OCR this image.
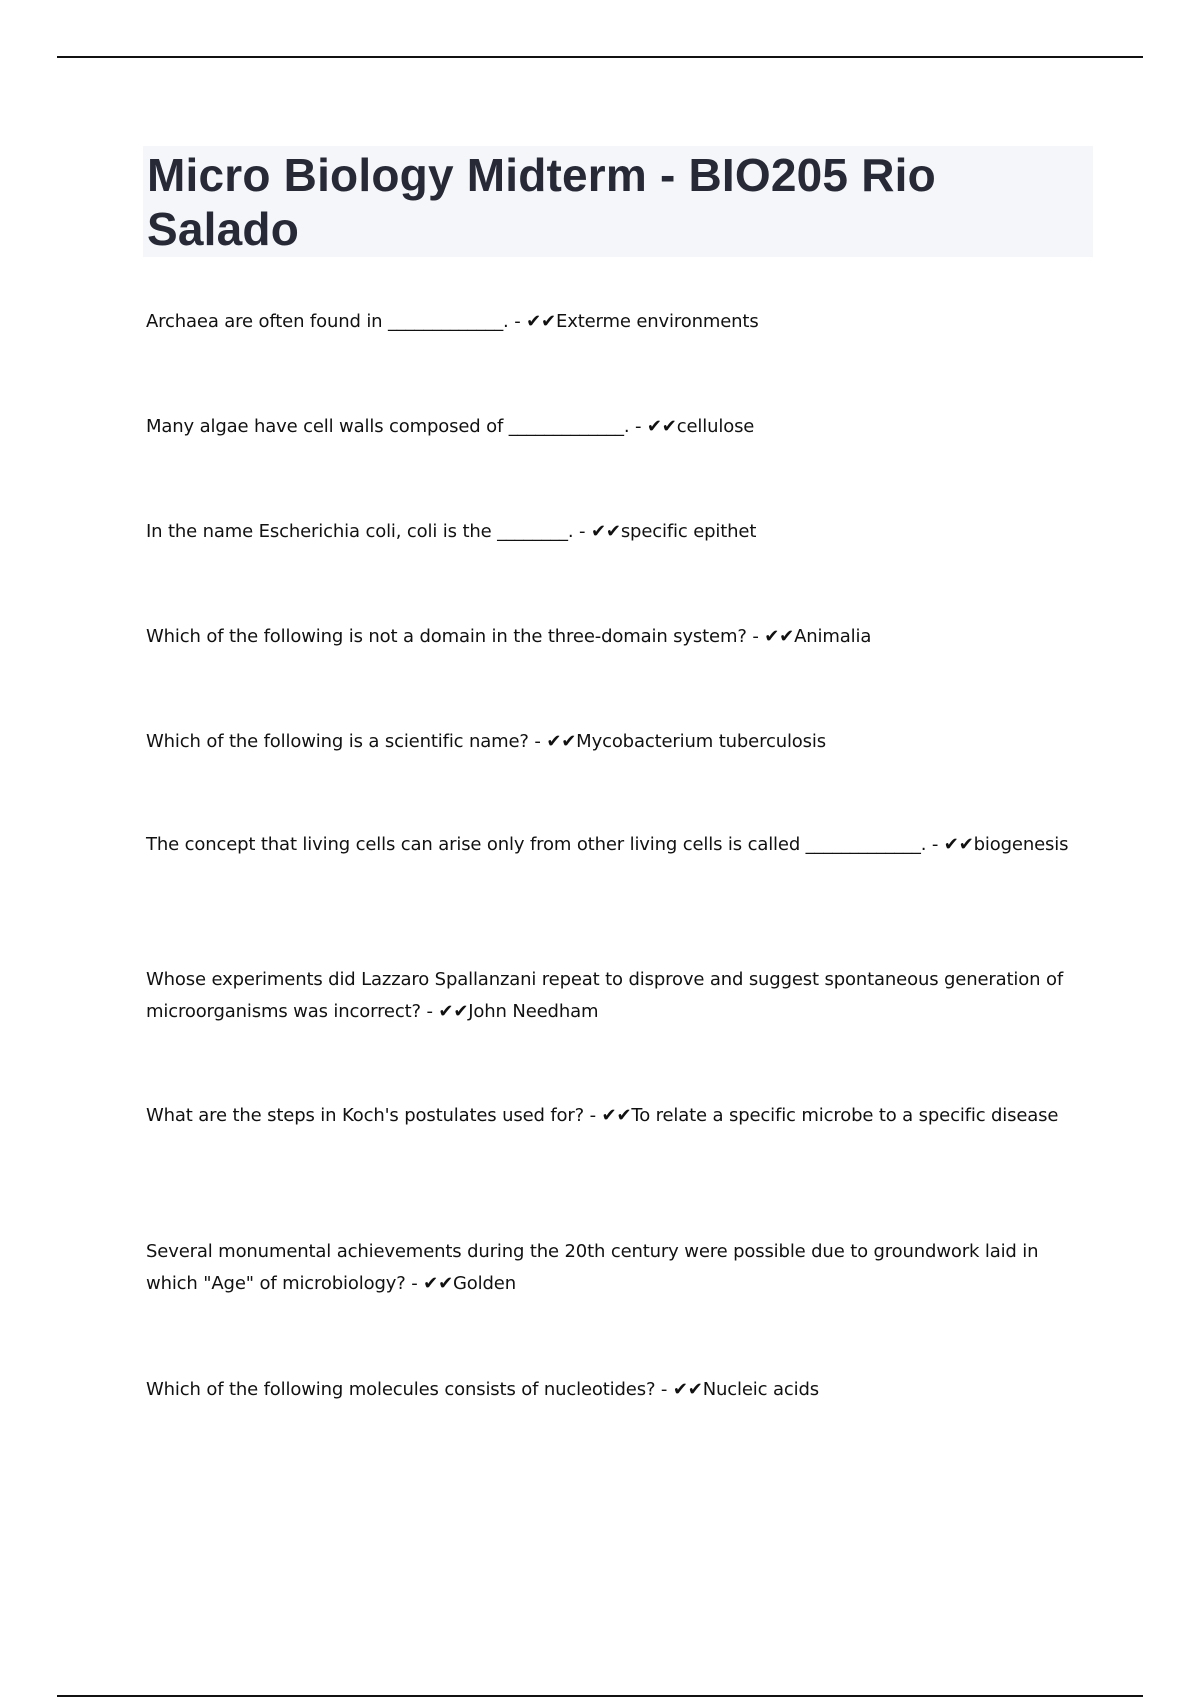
Micro Biology Midterm - BIO205 Rio Salado
Archaea are often found in _____________. - ✔✔Exterme environments
Many algae have cell walls composed of _____________. - ✔✔cellulose
In the name Escherichia coli, coli is the ________. - ✔✔specific epithet
Which of the following is not a domain in the three-domain system? - ✔✔Animalia
Which of the following is a scientific name? - ✔✔Mycobacterium tuberculosis
The concept that living cells can arise only from other living cells is called _____________. - ✔✔biogenesis
Whose experiments did Lazzaro Spallanzani repeat to disprove and suggest spontaneous generation of microorganisms was incorrect? - ✔✔John Needham
What are the steps in Koch's postulates used for? - ✔✔To relate a specific microbe to a specific disease
Several monumental achievements during the 20th century were possible due to groundwork laid in which "Age" of microbiology? - ✔✔Golden
Which of the following molecules consists of nucleotides? - ✔✔Nucleic acids
